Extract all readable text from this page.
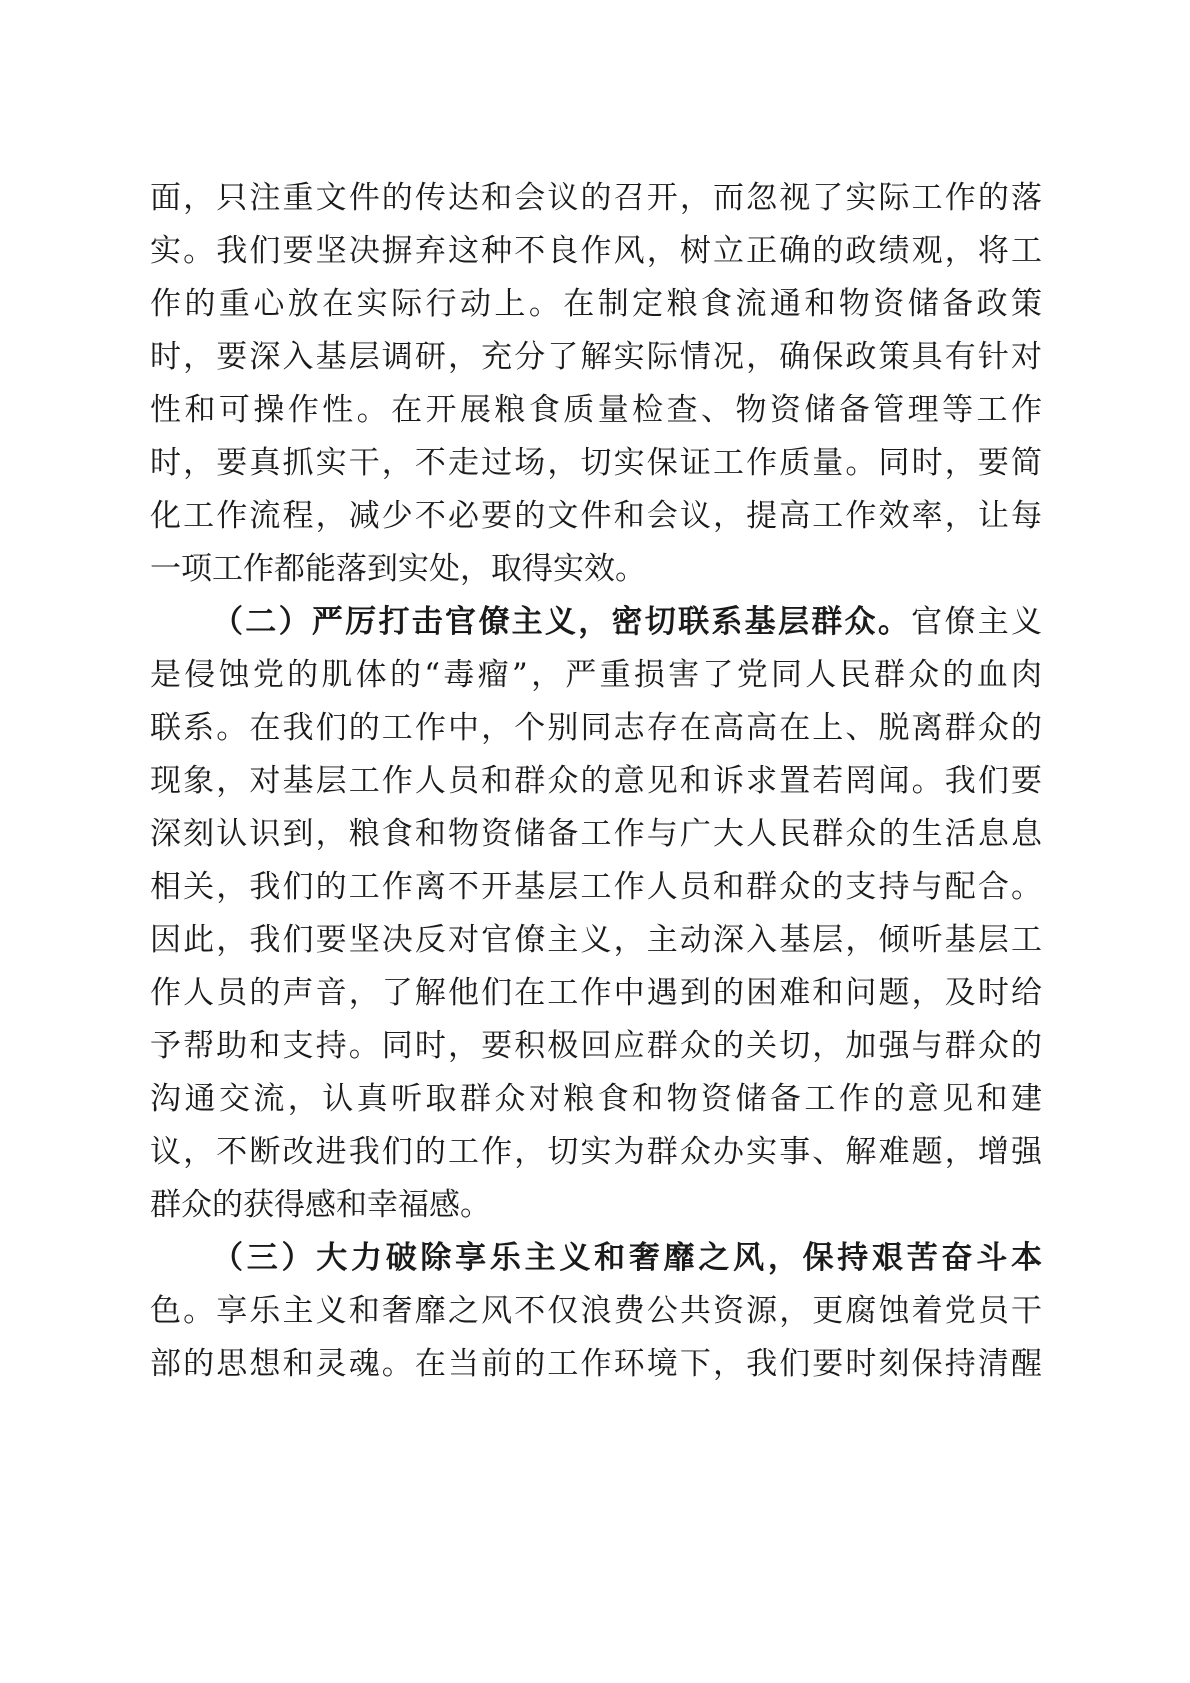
面，只注重文件的传达和会议的召开，而忽视了实际工作的落
实。我们要坚决摒弃这种不良作风，树立正确的政绩观，将工
作的重心放在实际行动上。在制定粮食流通和物资储备政策
时，要深入基层调研，充分了解实际情况，确保政策具有针对
性和可操作性。在开展粮食质量检查、物资储备管理等工作
时，要真抓实干，不走过场，切实保证工作质量。同时，要简
化工作流程，减少不必要的文件和会议，提高工作效率，让每
一项工作都能落到实处，取得实效。
（二）严厉打击官僚主义，密切联系基层群众。官僚主义
是侵蚀党的肌体的“毒瘤”，严重损害了党同人民群众的血肉
联系。在我们的工作中，个别同志存在高高在上、脱离群众的
现象，对基层工作人员和群众的意见和诉求置若罔闻。我们要
深刻认识到，粮食和物资储备工作与广大人民群众的生活息息
相关，我们的工作离不开基层工作人员和群众的支持与配合。
因此，我们要坚决反对官僚主义，主动深入基层，倾听基层工
作人员的声音，了解他们在工作中遇到的困难和问题，及时给
予帮助和支持。同时，要积极回应群众的关切，加强与群众的
沟通交流，认真听取群众对粮食和物资储备工作的意见和建
议，不断改进我们的工作，切实为群众办实事、解难题，增强
群众的获得感和幸福感。
（三）大力破除享乐主义和奢靡之风，保持艰苦奋斗本
色。享乐主义和奢靡之风不仅浪费公共资源，更腐蚀着党员干
部的思想和灵魂。在当前的工作环境下，我们要时刻保持清醒
